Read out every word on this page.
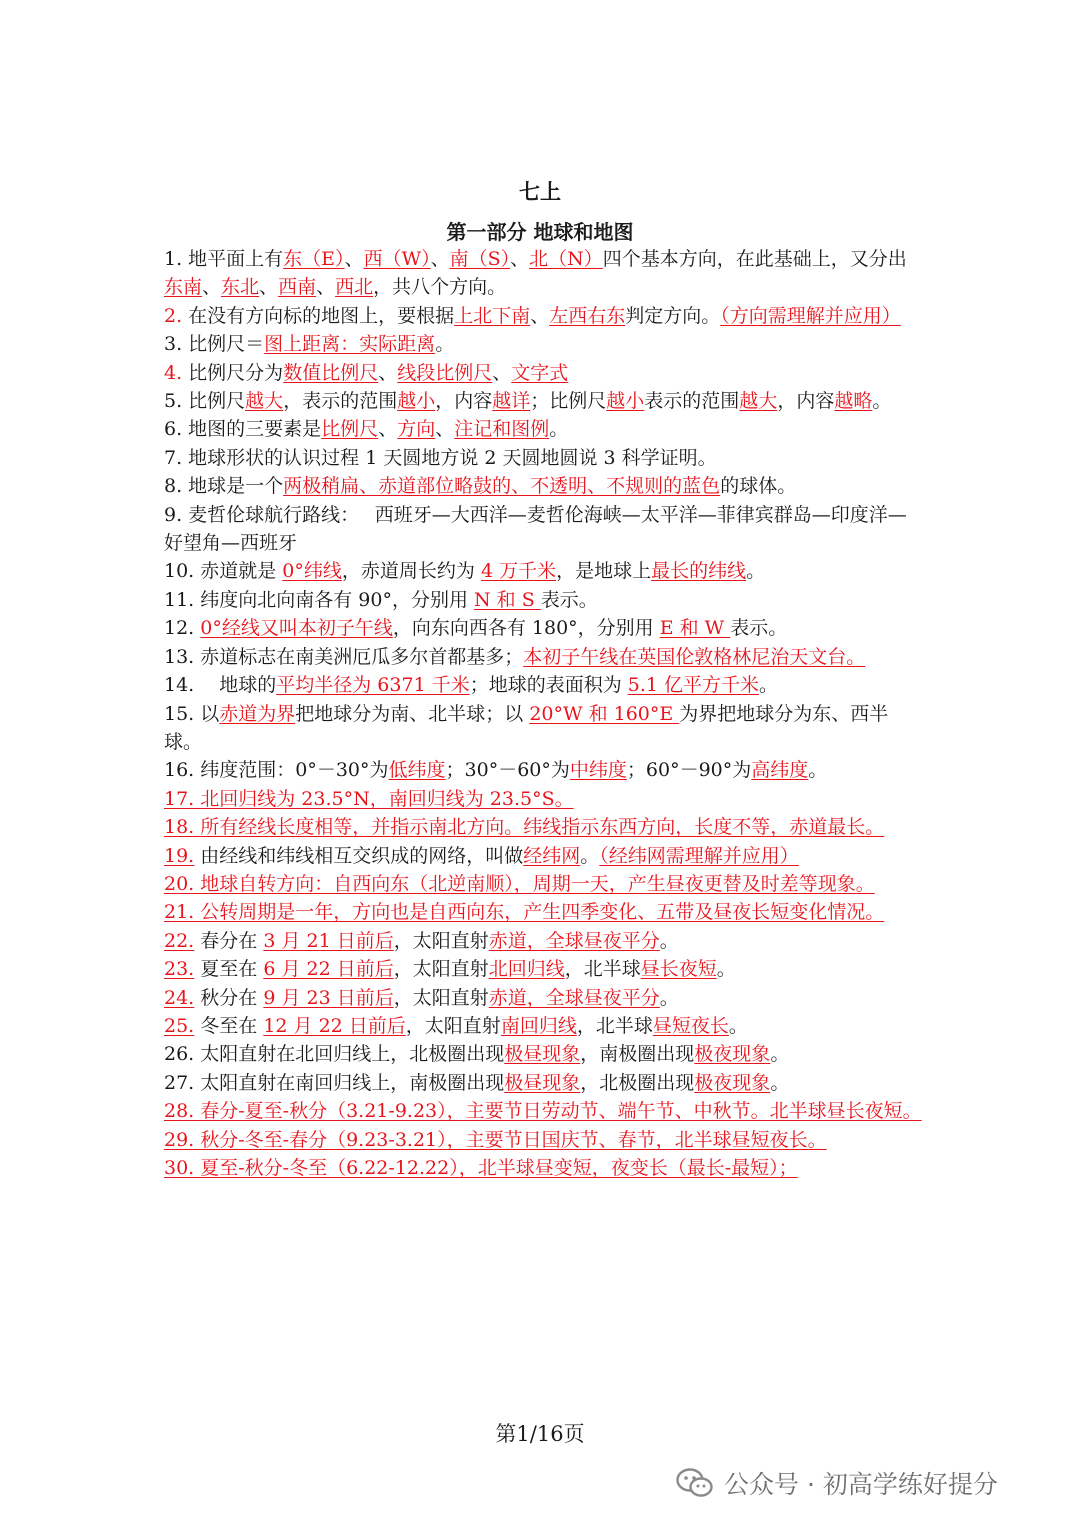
七上
第一部分 地球和地图

1. 地平面上有东（E）、西（W）、南（S）、北（N）四个基本方向，在此基础上，又分出东南、东北、西南、西北，共八个方向。

2. 在没有方向标的地图上，要根据上北下南、左西右东判定方向。（方向需理解并应用）

3. 比例尺＝图上距离：实际距离。

4. 比例尺分为数值比例尺、线段比例尺、文字式

5. 比例尺越大，表示的范围越小，内容越详；比例尺越小表示的范围越大，内容越略。

6. 地图的三要素是比例尺、方向、注记和图例。

7. 地球形状的认识过程 1 天圆地方说 2 天圆地圆说 3 科学证明。

8. 地球是一个两极稍扁、赤道部位略鼓的、不透明、不规则的蓝色的球体。

9. 麦哲伦球航行路线：　 西班牙—大西洋—麦哲伦海峡—太平洋—菲律宾群岛—印度洋—好望角—西班牙

10. 赤道就是 0°纬线，赤道周长约为 4 万千米，是地球上最长的纬线。

11. 纬度向北向南各有 90°，分别用 N 和 S 表示。

12. 0°经线又叫本初子午线，向东向西各有 180°，分别用 E 和 W 表示。

13. 赤道标志在南美洲厄瓜多尔首都基多；本初子午线在英国伦敦格林尼治天文台。

14.　 地球的平均半径为 6371 千米；地球的表面积为 5.1 亿平方千米。

15. 以赤道为界把地球分为南、北半球；以 20°W 和 160°E 为界把地球分为东、西半球。

16. 纬度范围：0°－30°为低纬度；30°－60°为中纬度；60°－90°为高纬度。

17. 北回归线为 23.5°N，南回归线为 23.5°S。

18. 所有经线长度相等，并指示南北方向。纬线指示东西方向，长度不等，赤道最长。

19. 由经线和纬线相互交织成的网络，叫做经纬网。（经纬网需理解并应用）

20. 地球自转方向：自西向东（北逆南顺），周期一天，产生昼夜更替及时差等现象。

21. 公转周期是一年，方向也是自西向东，产生四季变化、五带及昼夜长短变化情况。

22. 春分在 3 月 21 日前后，太阳直射赤道，全球昼夜平分。

23. 夏至在 6 月 22 日前后，太阳直射北回归线，北半球昼长夜短。

24. 秋分在 9 月 23 日前后，太阳直射赤道，全球昼夜平分。

25. 冬至在 12 月 22 日前后，太阳直射南回归线，北半球昼短夜长。

26. 太阳直射在北回归线上，北极圈出现极昼现象，南极圈出现极夜现象。

27. 太阳直射在南回归线上，南极圈出现极昼现象，北极圈出现极夜现象。

28. 春分-夏至-秋分（3.21-9.23），主要节日劳动节、端午节、中秋节。北半球昼长夜短。

29. 秋分-冬至-春分（9.23-3.21），主要节日国庆节、春节，北半球昼短夜长。

30. 夏至-秋分-冬至（6.22-12.22），北半球昼变短，夜变长（最长-最短）；

第1/16页
公众号 · 初高学练好提分
